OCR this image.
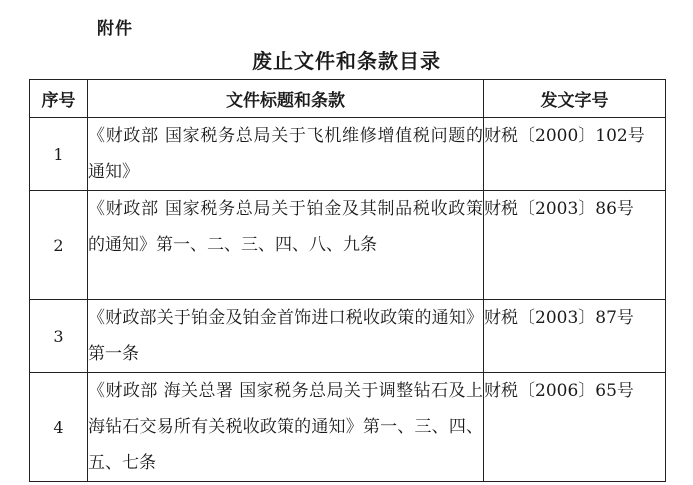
附件
废止文件和条款目录
序号	文件标题和条款	发文字号
1	《财政部 国家税务总局关于飞机维修增值税问题的通知》	财税〔2000〕102号
2	《财政部 国家税务总局关于铂金及其制品税收政策的通知》第一、二、三、四、八、九条	财税〔2003〕86号
3	《财政部关于铂金及铂金首饰进口税收政策的通知》第一条	财税〔2003〕87号
4	《财政部 海关总署 国家税务总局关于调整钻石及上海钻石交易所有关税收政策的通知》第一、三、四、五、七条	财税〔2006〕65号
